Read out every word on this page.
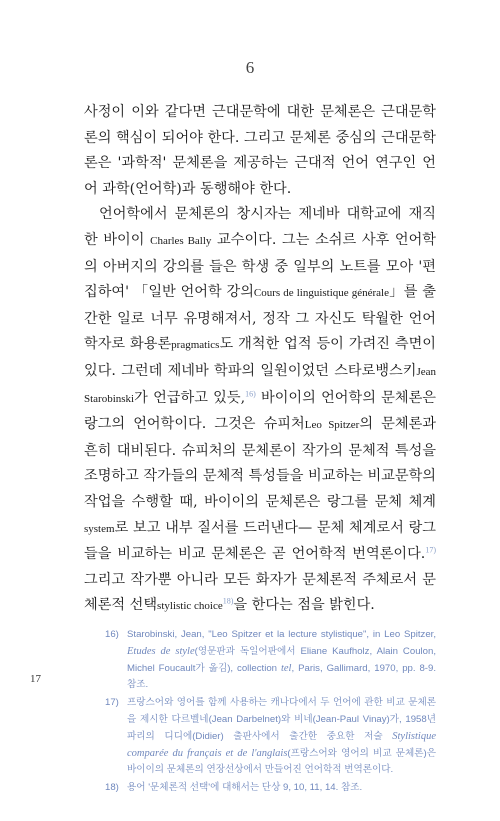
6

사정이 이와 같다면 근대문학에 대한 문체론은 근대문학론의 핵심이 되어야 한다. 그리고 문체론 중심의 근대문학론은 '과학적' 문체론을 제공하는 근대적 언어 연구인 언어 과학(언어학)과 동행해야 한다.

언어학에서 문체론의 창시자는 제네바 대학교에 재직한 바이이 Charles Bally 교수이다. 그는 소쉬르 사후 언어학의 아버지의 강의를 들은 학생 중 일부의 노트를 모아 '편집하여' 「일반 언어학 강의Cours de linguistique générale」를 출간한 일로 너무 유명해져서, 정작 그 자신도 탁월한 언어학자로 화용론pragmatics도 개척한 업적 등이 가려진 측면이 있다. 그런데 제네바 학파의 일원이었던 스타로뱅스키Jean Starobinski가 언급하고 있듯,$^{16)}$ 바이이의 언어학의 문체론은 랑그의 언어학이다. 그것은 슈피처Leo Spitzer의 문체론과 흔히 대비된다. 슈피처의 문체론이 작가의 문체적 특성을 조명하고 작가들의 문체적 특성들을 비교하는 비교문학의 작업을 수행할 때, 바이이의 문체론은 랑그를 문체 체계system로 보고 내부 질서를 드러낸다— 문체 체계로서 랑그들을 비교하는 비교 문체론은 곧 언어학적 번역론이다.$^{17)}$ 그리고 작가뿐 아니라 모든 화자가 문체론적 주체로서 문체론적 선택stylistic choice$^{18)}$을 한다는 점을 밝힌다.

17

16) Starobinski, Jean, "Leo Spitzer et la lecture stylistique", in Leo Spitzer, Etudes de style(영문판과 독일어판에서 Eliane Kaufholz, Alain Coulon, Michel Foucault가 옮김), collection tel, Paris, Gallimard, 1970, pp. 8-9. 참조.

17) 프랑스어와 영어를 함께 사용하는 캐나다에서 두 언어에 관한 비교 문체론을 제시한 다르벨네(Jean Darbelnet)와 비네(Jean-Paul Vinay)가, 1958년 파리의 디디에(Didier) 출판사에서 출간한 중요한 저술 Stylistique comparée du français et de l'anglais(프랑스어와 영어의 비교 문체론)은 바이이의 문체론의 연장선상에서 만들어진 언어학적 번역론이다.

18) 용어 '문체론적 선택'에 대해서는 단상 9, 10, 11, 14. 참조.
